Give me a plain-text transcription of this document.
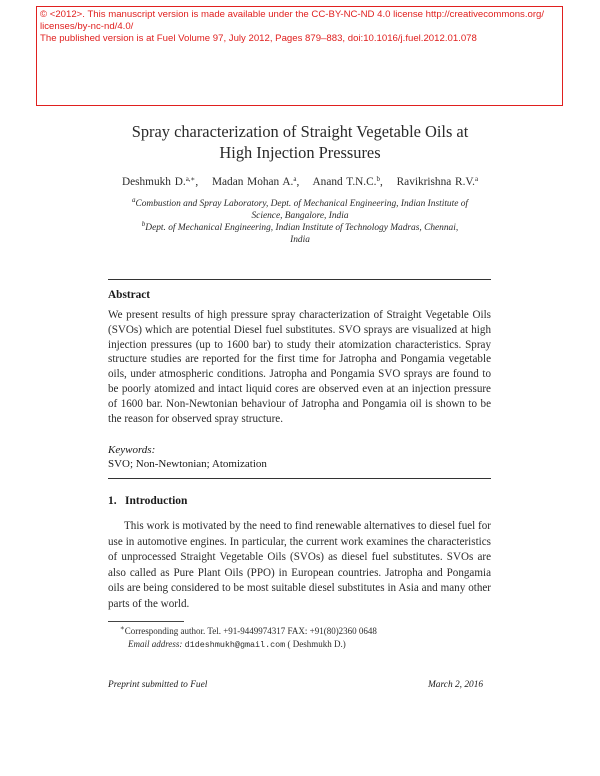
© <2012>. This manuscript version is made available under the CC-BY-NC-ND 4.0 license http://creativecommons.org/
licenses/by-nc-nd/4.0/
The published version is at Fuel Volume 97, July 2012, Pages 879–883, doi:10.1016/j.fuel.2012.01.078
Spray characterization of Straight Vegetable Oils at
High Injection Pressures
Deshmukh D.$^{a,∗}$, Madan Mohan A.$^a$, Anand T.N.C.$^b$, Ravikrishna R.V.$^a$
$^a$Combustion and Spray Laboratory, Dept. of Mechanical Engineering, Indian Institute of
Science, Bangalore, India
$^b$Dept. of Mechanical Engineering, Indian Institute of Technology Madras, Chennai,
India
Abstract
We present results of high pressure spray characterization of Straight Vegetable Oils (SVOs) which are potential Diesel fuel substitutes. SVO sprays are visualized at high injection pressures (up to 1600 bar) to study their atomization characteristics. Spray structure studies are reported for the first time for Jatropha and Pongamia vegetable oils, under atmospheric conditions. Jatropha and Pongamia SVO sprays are found to be poorly atomized and intact liquid cores are observed even at an injection pressure of 1600 bar. Non-Newtonian behaviour of Jatropha and Pongamia oil is shown to be the reason for observed spray structure.
Keywords:
SVO; Non-Newtonian; Atomization
1. Introduction
This work is motivated by the need to find renewable alternatives to diesel fuel for use in automotive engines. In particular, the current work examines the characteristics of unprocessed Straight Vegetable Oils (SVOs) as diesel fuel substitutes. SVOs are also called as Pure Plant Oils (PPO) in European countries. Jatropha and Pongamia oils are being considered to be most suitable diesel substitutes in Asia and many other parts of the world.
∗Corresponding author. Tel. +91-9449974317 FAX: +91(80)2360 0648
Email address: d1deshmukh@gmail.com ( Deshmukh D.)
Preprint submitted to Fuel	March 2, 2016
